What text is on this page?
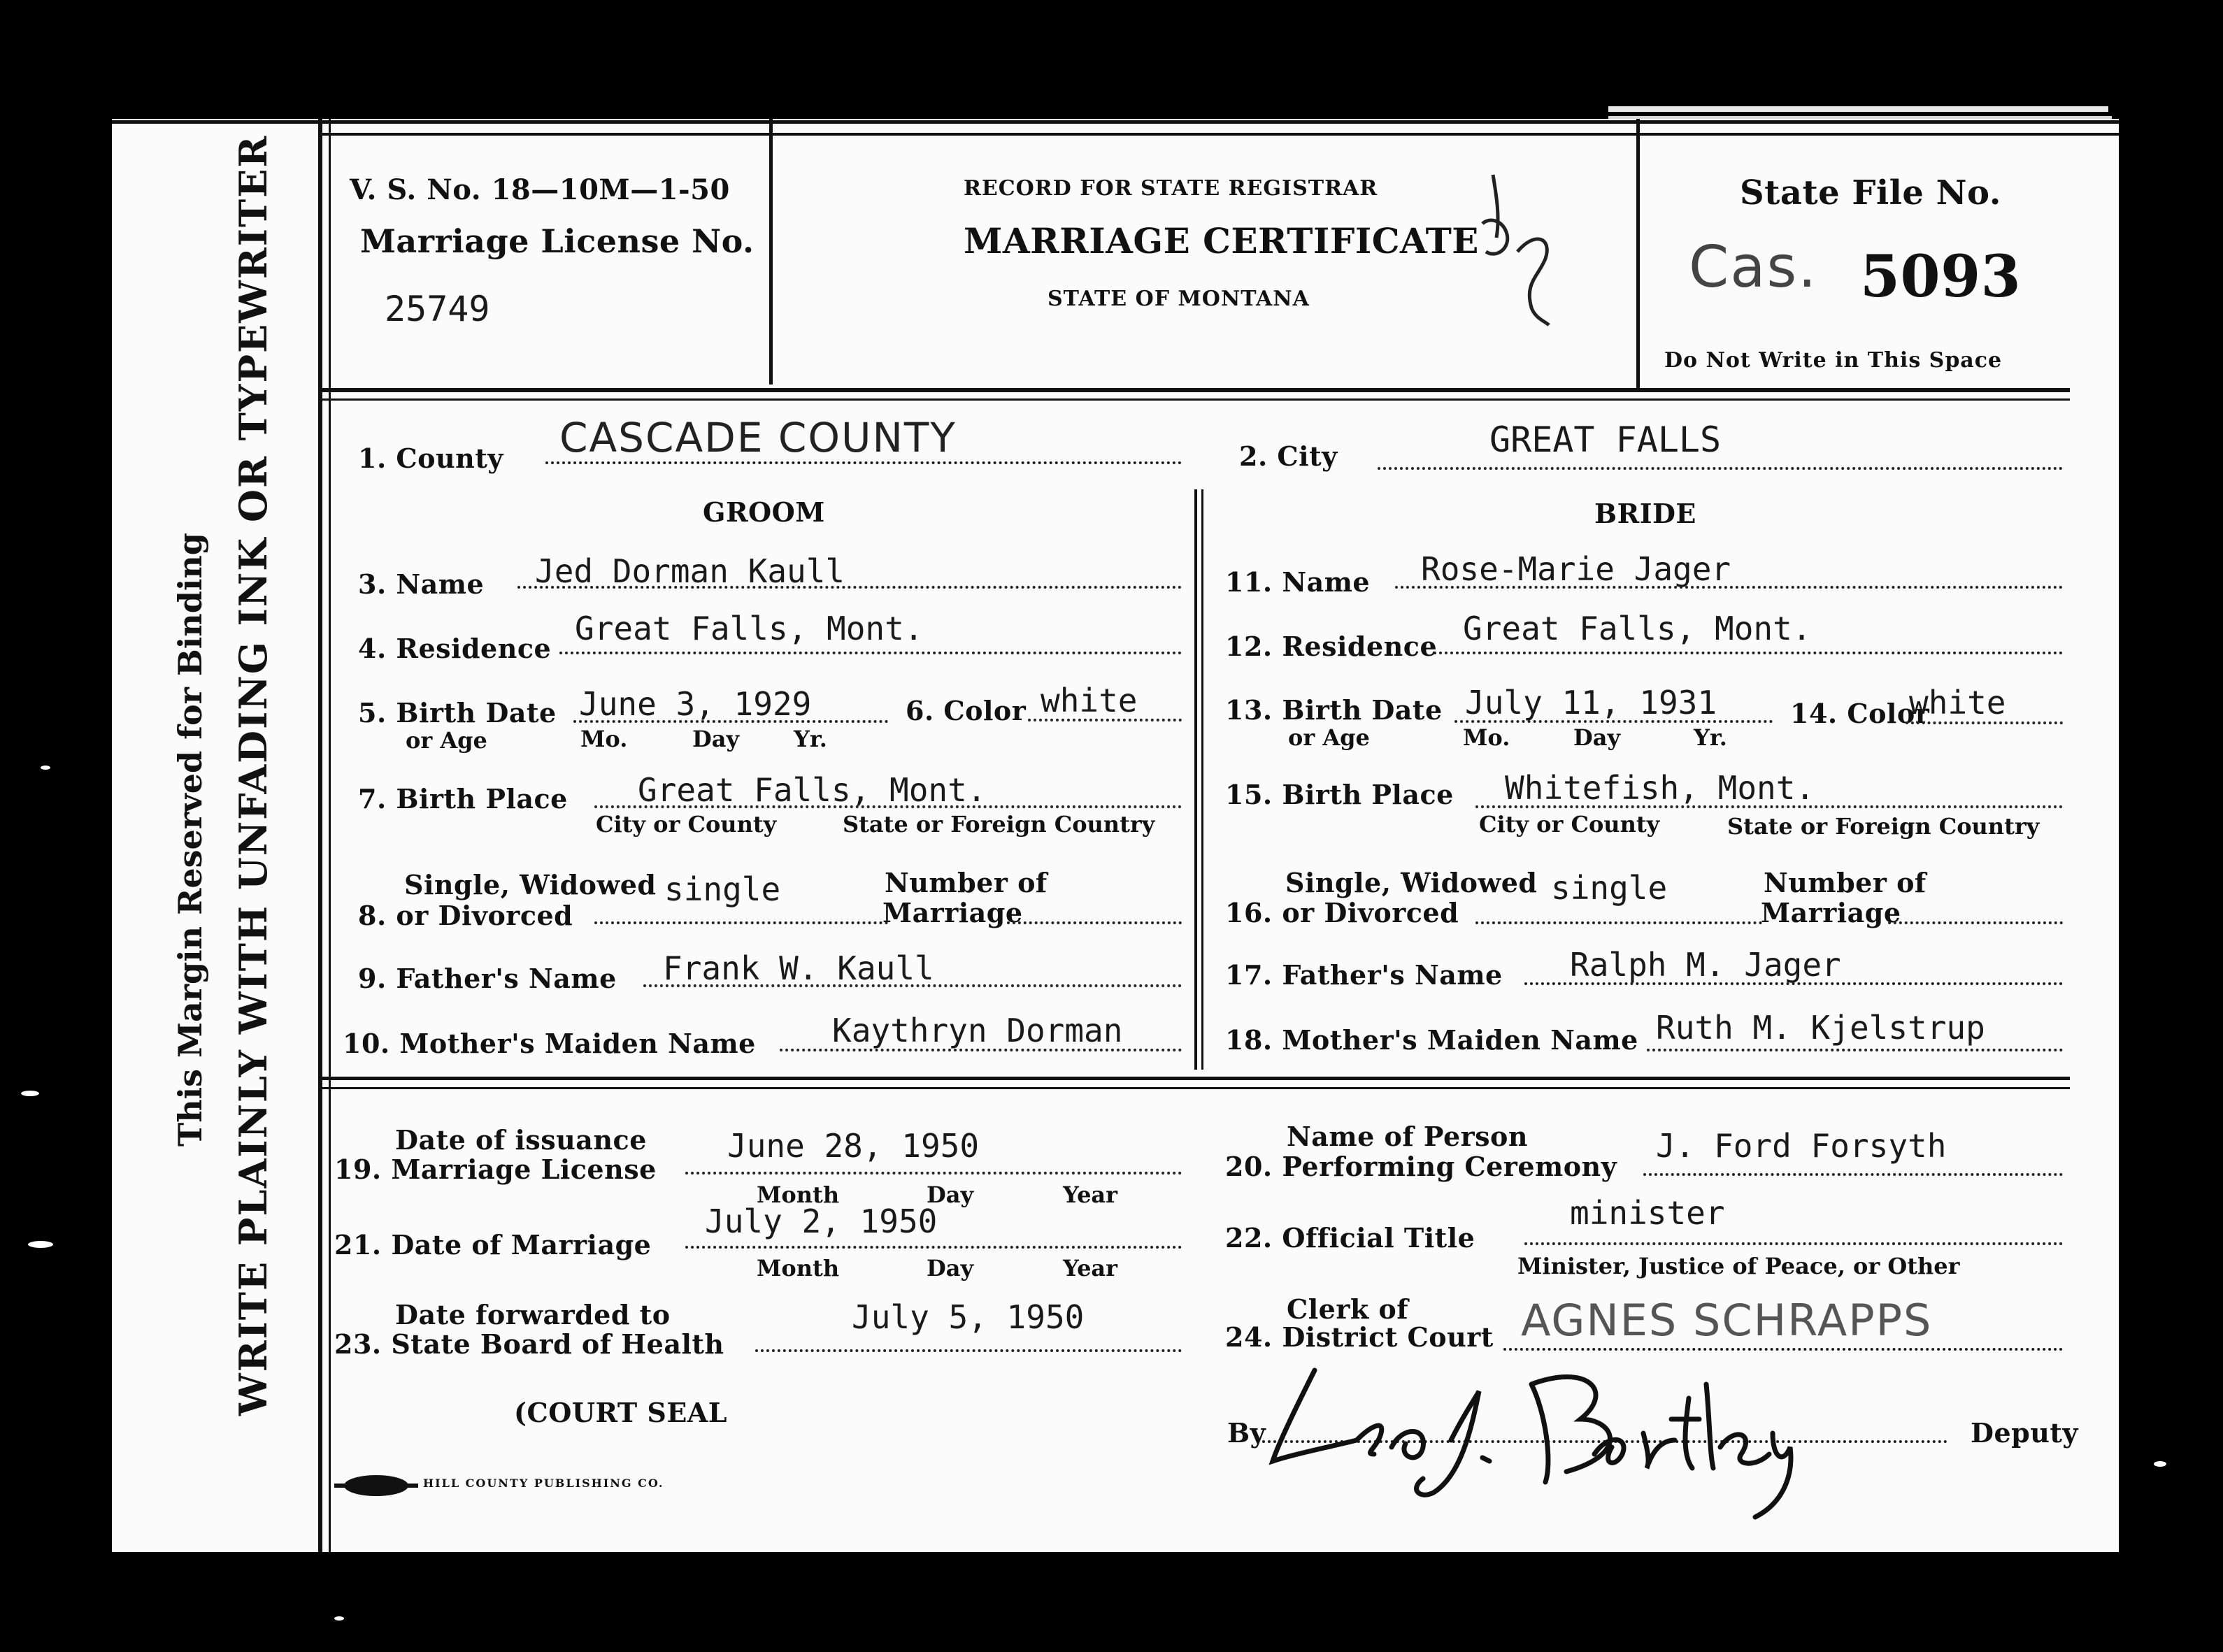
This Margin Reserved for Binding WRITE PLAINLY WITH UNFADING INK OR TYPEWRITER	V. S. No. 18—10M—1-50
Marriage License No.
25749
RECORD FOR STATE REGISTRAR
MARRIAGE CERTIFICATE
STATE OF MONTANA
State File No.
Cas. 5093
Do Not Write in This Space
1. County CASCADE COUNTY	2. City	GREAT FALLS
GROOM	BRIDE
3. Name Jed Dorman Kaull
4. Residence
Great Falls, Mont.
5. Birth Date
or Age
June 3, 1929
Mo.	Day Yr.
6. Color white
7. Birth Place Great Falls, Mont.
City or County	State or Foreign Country
Single, Widowed
8. or Divorced
single	Number of
Marriage
9. Father's Name Frank W. Kaull
10. Mother's Maiden Name Kaythryn Dorman
11. Name Rose-Marie Jager
12. Residence Great Falls, Mont.
13. Birth Date
or Age
July 11, 1931
Mo.	Day	Yr.
14. Color
white
15. Birth Place Whitefish, Mont.
City or County	State or Foreign Country
Single, Widowed
16. or Divorced
single	Number of
Marriage
17. Father's Name Ralph M. Jager
18. Mother's Maiden Name Ruth M. Kjelstrup
Date of issuance
19. Marriage License
June 28, 1950
Month	Day	Year
21. Date of Marriage
July 2, 1950
Month	Day	Year
Date forwarded to
23. State Board of Health
July 5, 1950
(COURT SEAL
HILL COUNTY PUBLISHING CO.
Name of Person
20. Performing Ceremony
J. Ford Forsyth
22. Official Title
minister
Minister, Justice of Peace, or Other
Clerk of
24. District Court AGNES SCHRAPPS
By	Deputy
